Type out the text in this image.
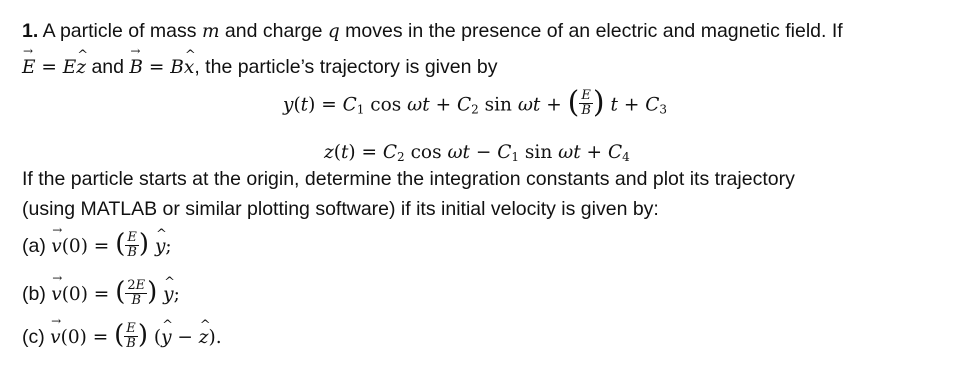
1. A particle of mass m and charge q moves in the presence of an electric and magnetic field. If
→ E = E^ z and → B = B^ x, the particle’s trajectory is given by
$y(t) = C_1$ $\cos \omega t + C_2$ sin ωt + ( $\frac{E}{B}$ ) $t + C_3$
$z(t) = C_2$ $\cos \omega t - C_1$ $\sin \omega t + C_4$
If the particle starts at the origin, determine the integration constants and plot its trajectory
(using MATLAB or similar plotting software) if its initial velocity is given by:
(a) → v(0) = ( $\frac{E}{B}$ ) ^ y;
(b) → v(0) = ( $\frac{2E}{B}$ ) ^ y;
(c) → v(0) = ( $\frac{E}{B}$ ) (^ y − ^ z).
